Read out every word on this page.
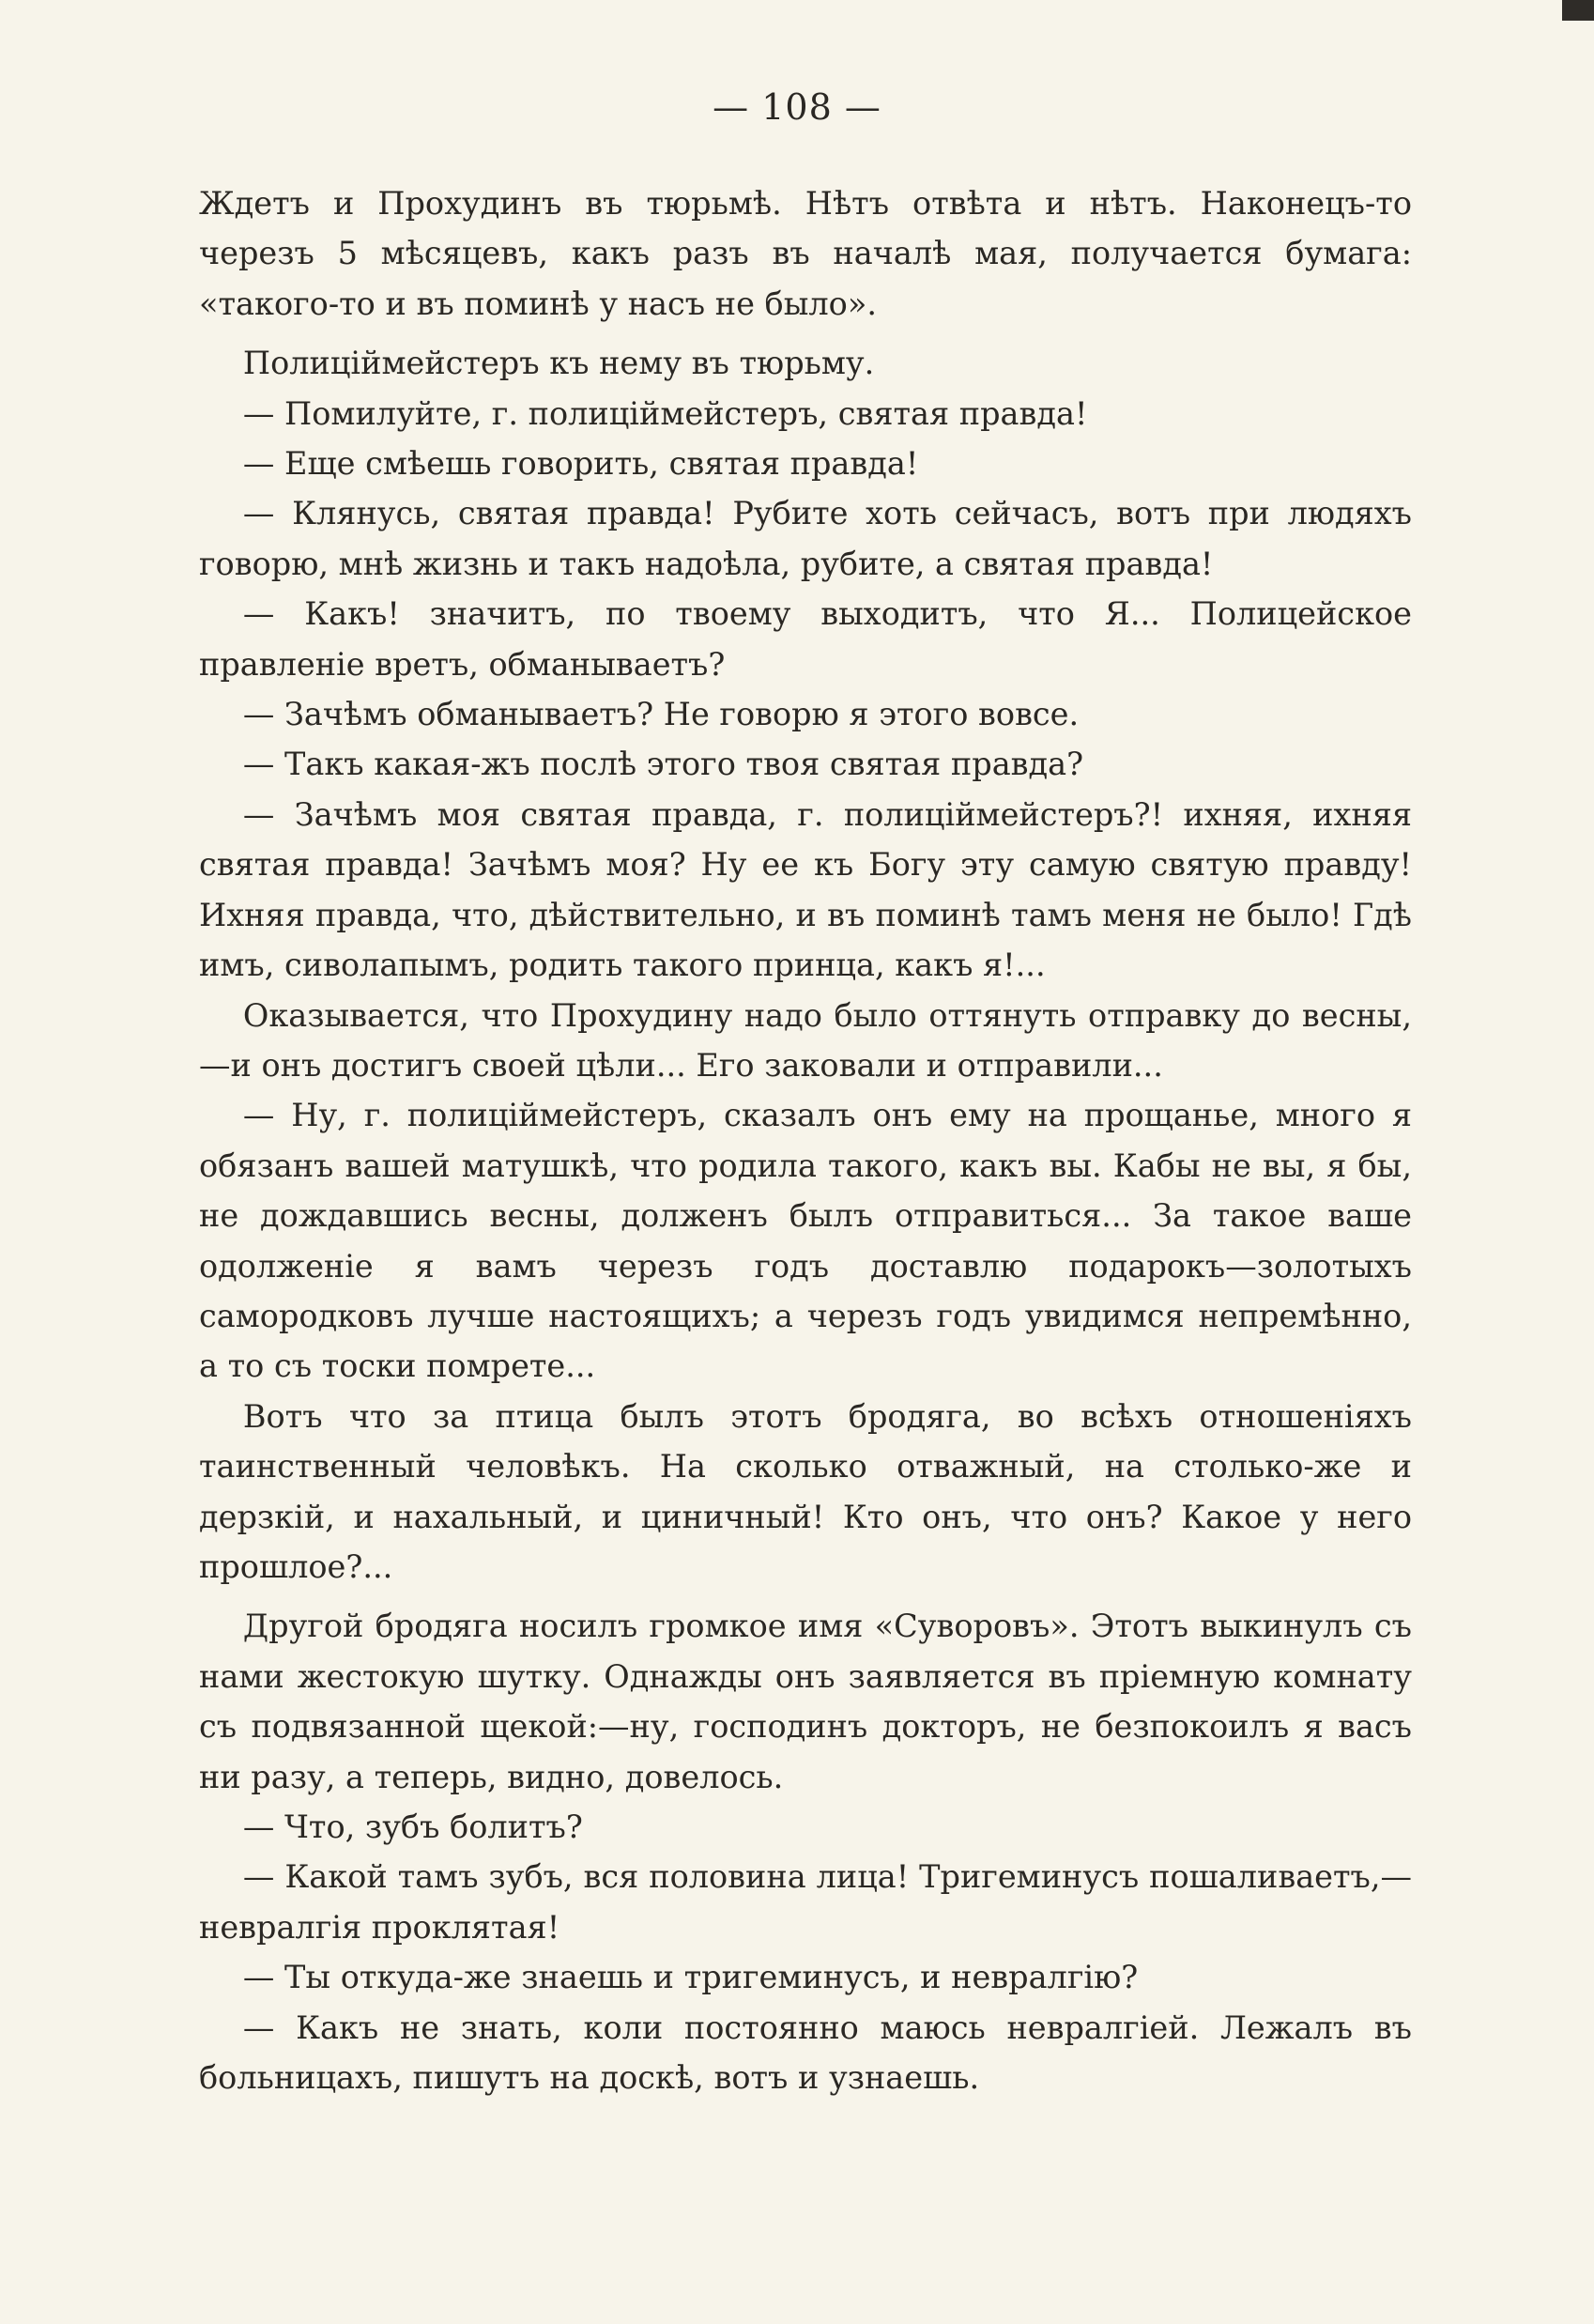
— 108 —

Ждетъ и Прохудинъ въ тюрьмѣ. Нѣтъ отвѣта и нѣтъ. Наконецъ-то черезъ 5 мѣсяцевъ, какъ разъ въ началѣ мая, получается бумага: «такого-то и въ поминѣ у насъ не было».

Полицiймейстеръ къ нему въ тюрьму.

— Помилуйте, г. полицiймейстеръ, святая правда!

— Еще смѣешь говорить, святая правда!

— Клянусь, святая правда! Рубите хоть сейчасъ, вотъ при людяхъ говорю, мнѣ жизнь и такъ надоѣла, рубите, а святая правда!

— Какъ! значитъ, по твоему выходитъ, что Я... Полицейское правленiе вретъ, обманываетъ?

— Зачѣмъ обманываетъ? Не говорю я этого вовсе.

— Такъ какая-жъ послѣ этого твоя святая правда?

— Зачѣмъ моя святая правда, г. полицiймейстеръ?! ихняя, ихняя святая правда! Зачѣмъ моя? Ну ее къ Богу эту самую святую правду! Ихняя правда, что, дѣйствительно, и въ поминѣ тамъ меня не было! Гдѣ имъ, сиволапымъ, родить такого принца, какъ я!...

Оказывается, что Прохудину надо было оттянуть отправку до весны,—и онъ достигъ своей цѣли... Его заковали и отправили...

— Ну, г. полицiймейстеръ, сказалъ онъ ему на прощанье, много я обязанъ вашей матушкѣ, что родила такого, какъ вы. Кабы не вы, я бы, не дождавшись весны, долженъ былъ отправиться... За такое ваше одолженiе я вамъ черезъ годъ доставлю подарокъ—золотыхъ самородковъ лучше настоящихъ; а черезъ годъ увидимся непремѣнно, а то съ тоски помрете...

Вотъ что за птица былъ этотъ бродяга, во всѣхъ отношенiяхъ таинственный человѣкъ. На сколько отважный, на столько-же и дерзкiй, и нахальный, и циничный! Кто онъ, что онъ? Какое у него прошлое?...

Другой бродяга носилъ громкое имя «Суворовъ». Этотъ выкинулъ съ нами жестокую шутку. Однажды онъ заявляется въ прiемную комнату съ подвязанной щекой:—ну, господинъ докторъ, не безпокоилъ я васъ ни разу, а теперь, видно, довелось.

— Что, зубъ болитъ?

— Какой тамъ зубъ, вся половина лица! Тригеминусъ пошаливаетъ,—невралгiя проклятая!

— Ты откуда-же знаешь и тригеминусъ, и невралгiю?

— Какъ не знать, коли постоянно маюсь невралгiей. Лежалъ въ больницахъ, пишутъ на доскѣ, вотъ и узнаешь.
